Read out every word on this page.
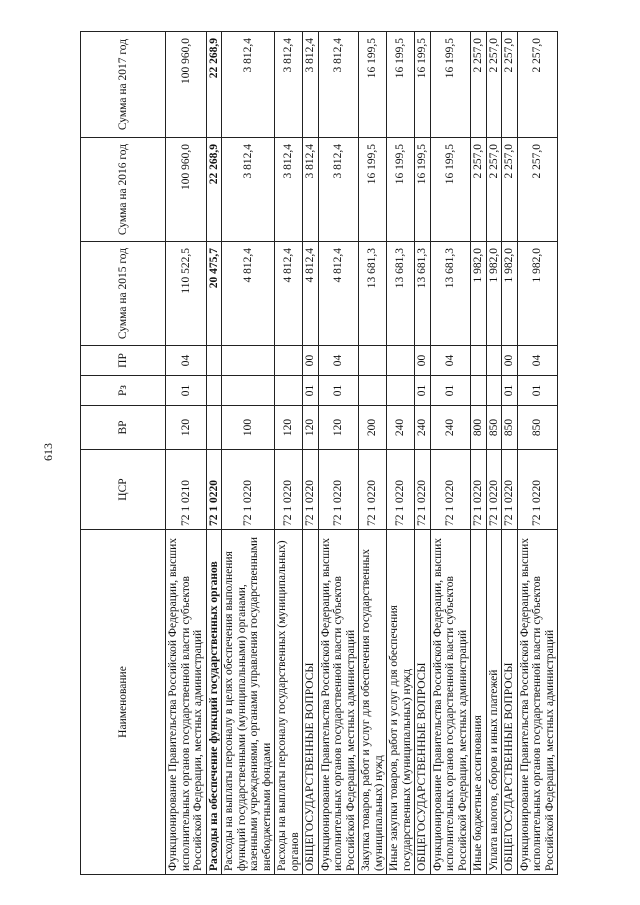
613
Наименование	ЦСР	ВР	Рз	ПР	Сумма на 2015 год	Сумма на 2016 год	Сумма на 2017 год
Функционирование Правительства Российской Федерации, высших исполнительных органов государственной власти субъектов Российской Федерации, местных администраций	72 1 0210	120	01	04	110 522,5	100 960,0	100 960,0
Расходы на обеспечение функций государственных органов	72 1 0220				20 475,7	22 268,9	22 268,9
Расходы на выплаты персоналу в целях обеспечения выполнения функций государственными (муниципальными) органами, казенными учреждениями, органами управления государственными внебюджетными фондами	72 1 0220	100			4 812,4	3 812,4	3 812,4
Расходы на выплаты персоналу государственных (муниципальных) органов	72 1 0220	120			4 812,4	3 812,4	3 812,4
ОБЩЕГОСУДАРСТВЕННЫЕ ВОПРОСЫ	72 1 0220	120	01	00	4 812,4	3 812,4	3 812,4
Функционирование Правительства Российской Федерации, высших исполнительных органов государственной власти субъектов Российской Федерации, местных администраций	72 1 0220	120	01	04	4 812,4	3 812,4	3 812,4
Закупка товаров, работ и услуг для обеспечения государственных (муниципальных) нужд	72 1 0220	200			13 681,3	16 199,5	16 199,5
Иные закупки товаров, работ и услуг для обеспечения государственных (муниципальных) нужд	72 1 0220	240			13 681,3	16 199,5	16 199,5
ОБЩЕГОСУДАРСТВЕННЫЕ ВОПРОСЫ	72 1 0220	240	01	00	13 681,3	16 199,5	16 199,5
Функционирование Правительства Российской Федерации, высших исполнительных органов государственной власти субъектов Российской Федерации, местных администраций	72 1 0220	240	01	04	13 681,3	16 199,5	16 199,5
Иные бюджетные ассигнования	72 1 0220	800			1 982,0	2 257,0	2 257,0
Уплата налогов, сборов и иных платежей	72 1 0220	850			1 982,0	2 257,0	2 257,0
ОБЩЕГОСУДАРСТВЕННЫЕ ВОПРОСЫ	72 1 0220	850	01	00	1 982,0	2 257,0	2 257,0
Функционирование Правительства Российской Федерации, высших исполнительных органов государственной власти субъектов Российской Федерации, местных администраций	72 1 0220	850	01	04	1 982,0	2 257,0	2 257,0
